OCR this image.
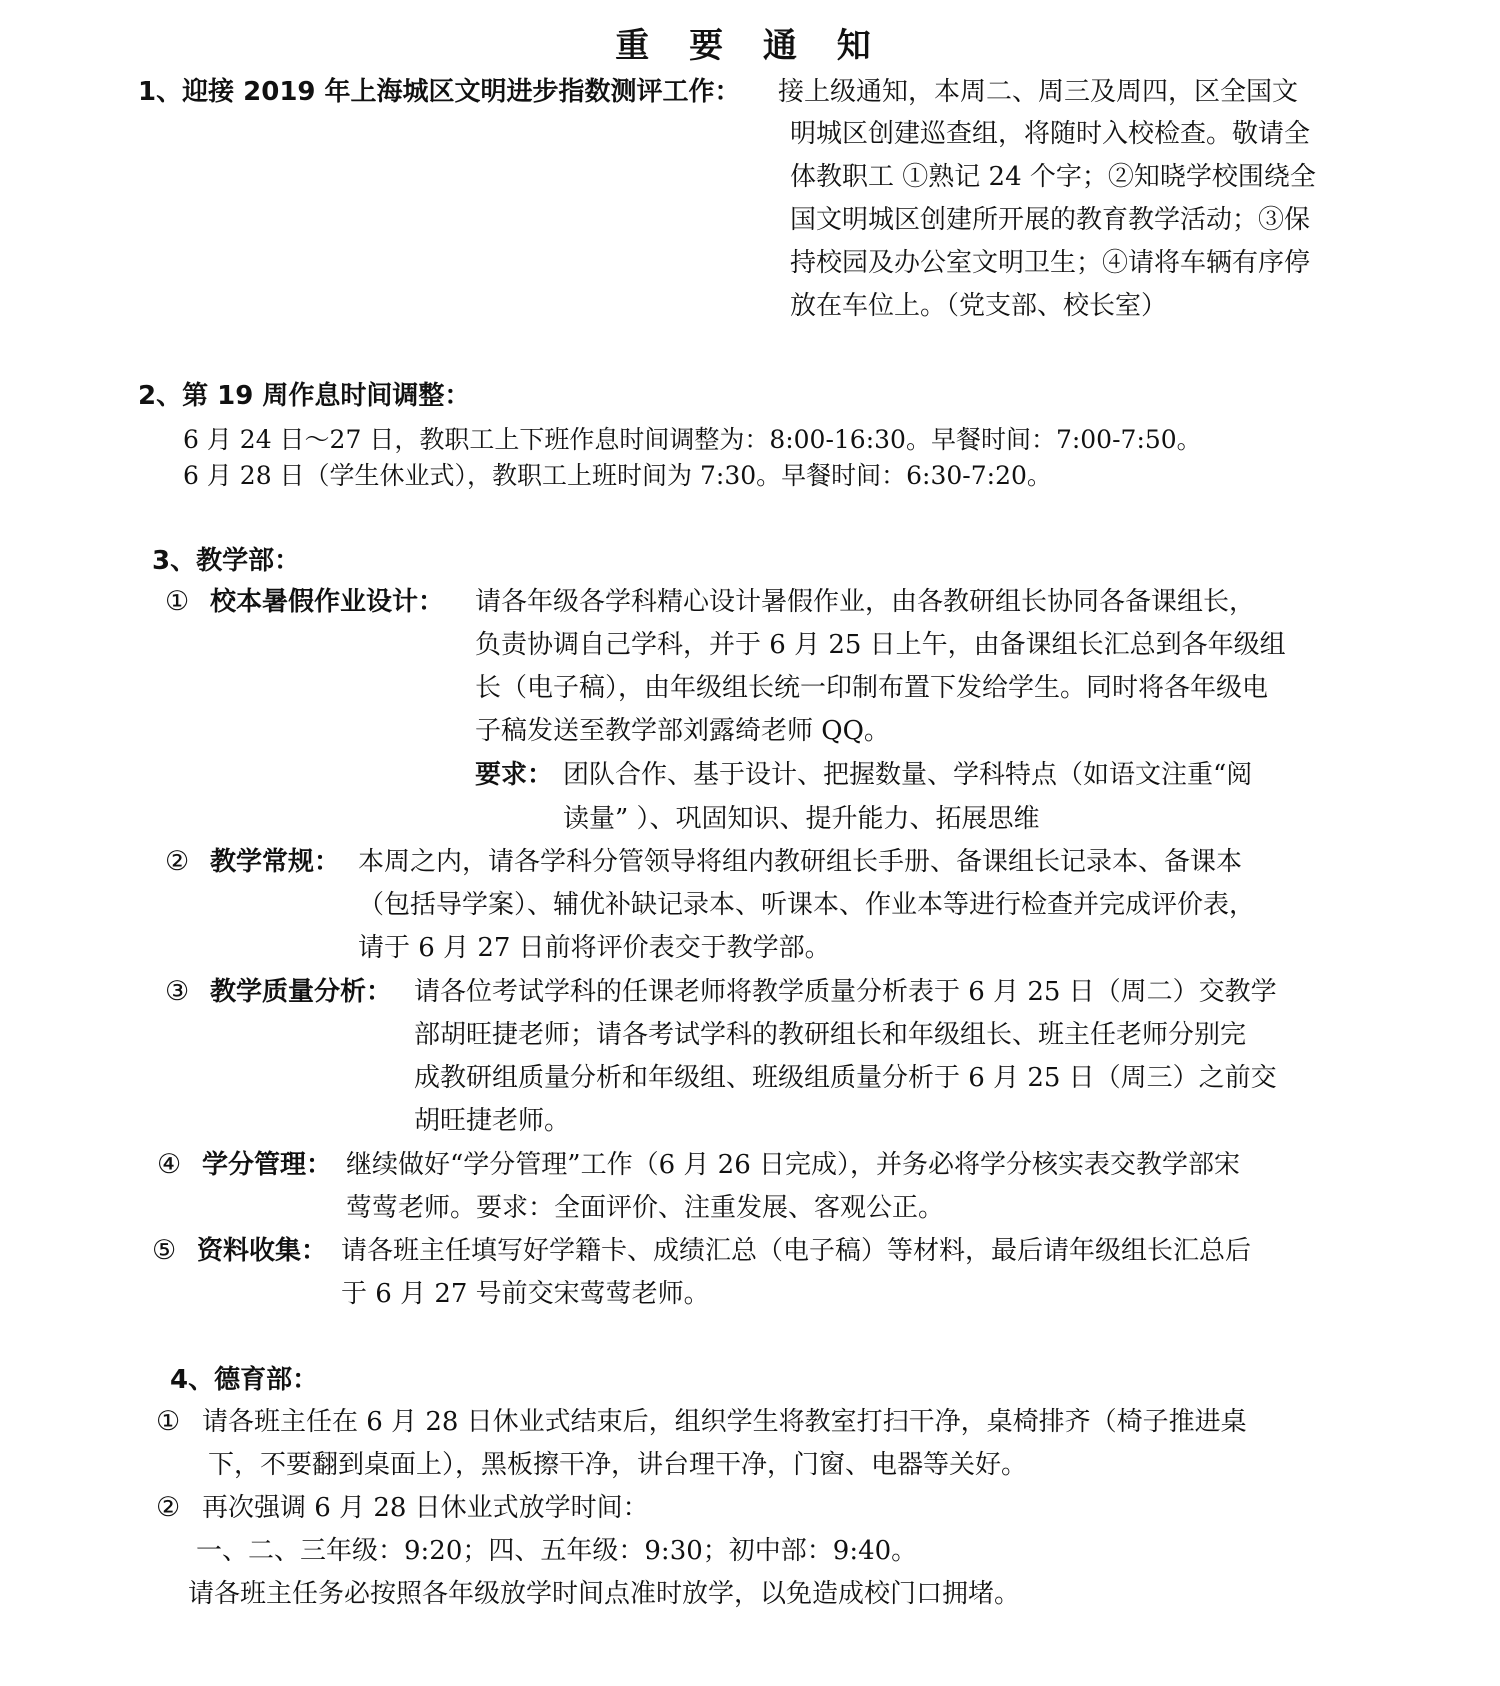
重 要 通 知
1、迎接 2019 年上海城区文明进步指数测评工作： 接上级通知，本周二、周三及周四，区全国文
明城区创建巡查组，将随时入校检查。敬请全
体教职工 ①熟记 24 个字；②知晓学校围绕全
国文明城区创建所开展的教育教学活动；③保
持校园及办公室文明卫生；④请将车辆有序停
放在车位上。（党支部、校长室）
2、第 19 周作息时间调整：
6 月 24 日～27 日，教职工上下班作息时间调整为：8:00-16:30。早餐时间：7:00-7:50。
6 月 28 日（学生休业式），教职工上班时间为 7:30。早餐时间：6:30-7:20。
3、教学部：
① 校本暑假作业设计： 请各年级各学科精心设计暑假作业，由各教研组长协同各备课组长，
负责协调自己学科，并于 6 月 25 日上午，由备课组长汇总到各年级组
长（电子稿），由年级组长统一印制布置下发给学生。同时将各年级电
子稿发送至教学部刘露绮老师 QQ。
要求： 团队合作、基于设计、把握数量、学科特点（如语文注重“阅
读量” ）、巩固知识、提升能力、拓展思维
② 教学常规： 本周之内，请各学科分管领导将组内教研组长手册、备课组长记录本、备课本
（包括导学案）、辅优补缺记录本、听课本、作业本等进行检查并完成评价表，
请于 6 月 27 日前将评价表交于教学部。
③ 教学质量分析： 请各位考试学科的任课老师将教学质量分析表于 6 月 25 日（周二）交教学
部胡旺捷老师；请各考试学科的教研组长和年级组长、班主任老师分别完
成教研组质量分析和年级组、班级组质量分析于 6 月 25 日（周三）之前交
胡旺捷老师。
④ 学分管理： 继续做好“学分管理”工作（6 月 26 日完成），并务必将学分核实表交教学部宋
莺莺老师。要求：全面评价、注重发展、客观公正。
⑤ 资料收集： 请各班主任填写好学籍卡、成绩汇总（电子稿）等材料，最后请年级组长汇总后
于 6 月 27 号前交宋莺莺老师。
4、德育部：
① 请各班主任在 6 月 28 日休业式结束后，组织学生将教室打扫干净，桌椅排齐（椅子推进桌
下，不要翻到桌面上），黑板擦干净，讲台理干净，门窗、电器等关好。
② 再次强调 6 月 28 日休业式放学时间：
一、二、三年级：9:20；四、五年级：9:30；初中部：9:40。
请各班主任务必按照各年级放学时间点准时放学，以免造成校门口拥堵。
